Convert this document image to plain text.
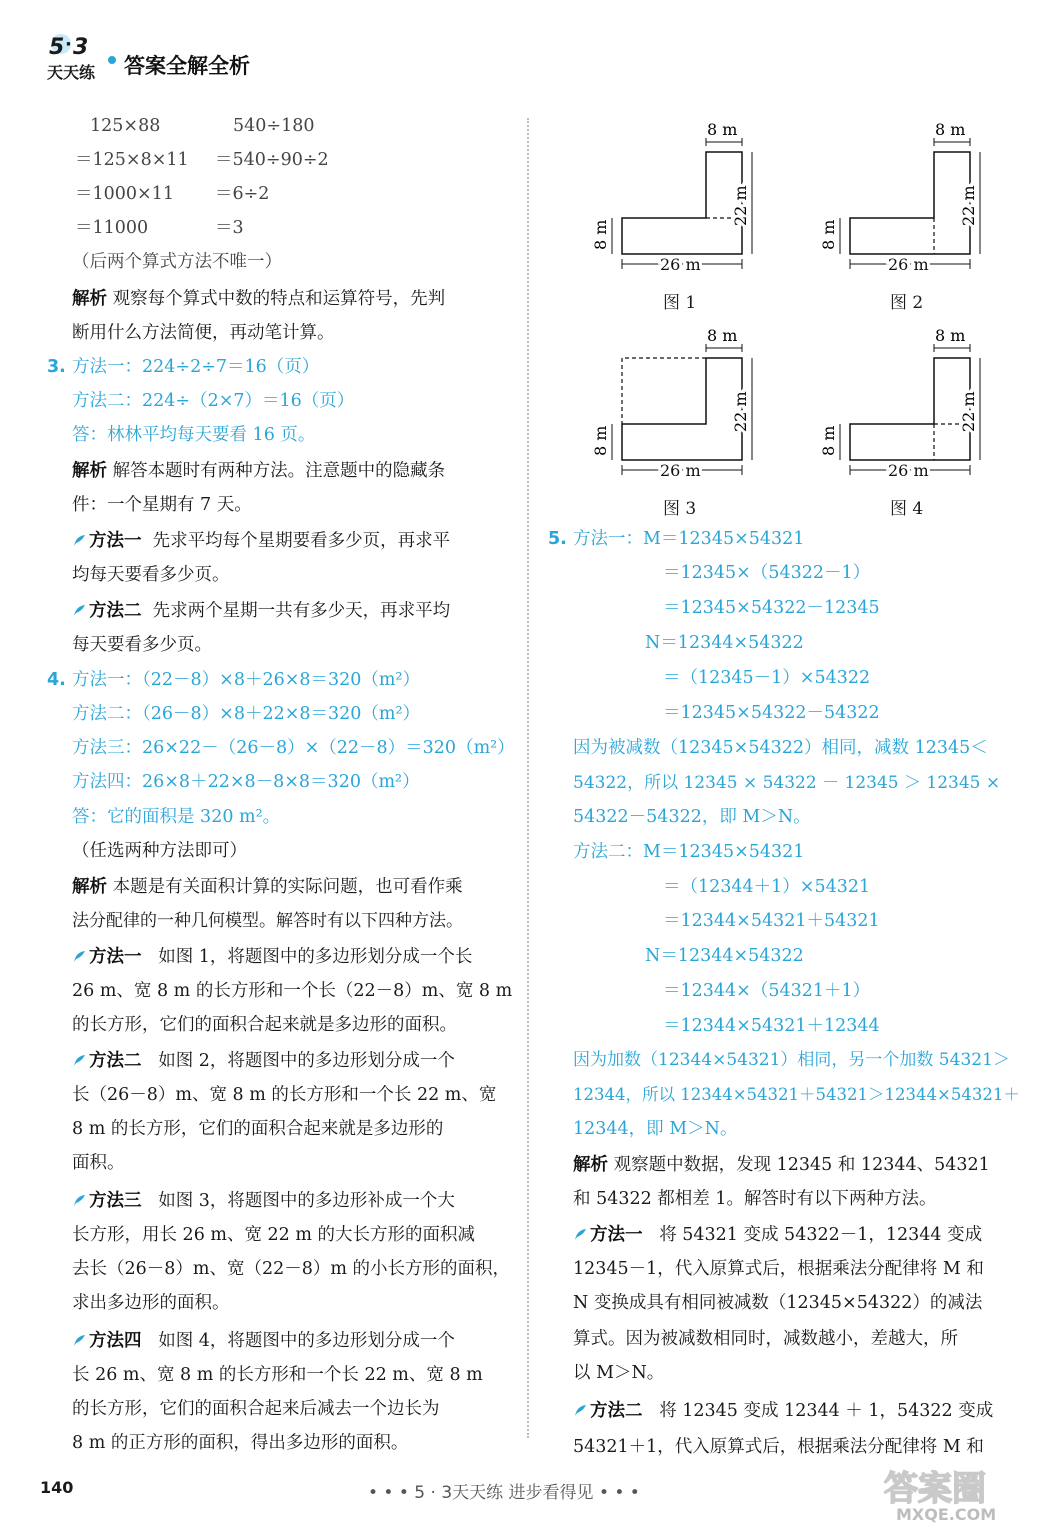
5 · 3
天天练 答案全解全析
125×88
＝125×8×11
＝1000×11
＝11000
540÷180
＝540÷90÷2
＝6÷2
＝3
（后两个算式方法不唯一）
解析 观察每个算式中数的特点和运算符号，先判
断用什么方法简便，再动笔计算。
3. 方法一：224÷2÷7＝16（页）
方法二：224÷（2×7）＝16（页）
答：林林平均每天要看 16 页。
解析 解答本题时有两种方法。注意题中的隐藏条
件：一个星期有 7 天。
方法一 先求平均每个星期要看多少页，再求平
均每天要看多少页。
方法二 先求两个星期一共有多少天，再求平均
每天要看多少页。
4. 方法一：（22－8）×8＋26×8＝320（m²）
方法二：（26－8）×8＋22×8＝320（m²）
方法三：26×22－（26－8）×（22－8）＝320（m²）
方法四：26×8＋22×8－8×8＝320（m²）
答：它的面积是 320 m²。
（任选两种方法即可）
解析 本题是有关面积计算的实际问题，也可看作乘
法分配律的一种几何模型。解答时有以下四种方法。
方法一 如图 1，将题图中的多边形划分成一个长
26 m、宽 8 m 的长方形和一个长（22－8）m、宽 8 m
的长方形，它们的面积合起来就是多边形的面积。
方法二 如图 2，将题图中的多边形划分成一个
长（26－8）m、宽 8 m 的长方形和一个长 22 m、宽
8 m 的长方形，它们的面积合起来就是多边形的
面积。
方法三 如图 3，将题图中的多边形补成一个大
长方形，用长 26 m、宽 22 m 的大长方形的面积减
去长（26－8）m、宽（22－8）m 的小长方形的面积，
求出多边形的面积。
方法四 如图 4，将题图中的多边形划分成一个
长 26 m、宽 8 m 的长方形和一个长 22 m、宽 8 m
的长方形，它们的面积合起来后减去一个边长为
8 m 的正方形的面积，得出多边形的面积。
8 m
26 m
8 m
22 m
图 1
8 m
26 m
8 m
22 m
图 2
8 m
26 m
8 m
22 m
图 3
8 m
26 m
8 m
22 m
图 4
5. 方法一：M＝12345×54321
＝12345×（54322－1）
＝12345×54322－12345
N＝12344×54322
＝（12345－1）×54322
＝12345×54322－54322
因为被减数（12345×54322）相同，减数 12345＜
54322，所以 12345 × 54322 － 12345 ＞ 12345 ×
54322－54322，即 M＞N。
方法二：M＝12345×54321
＝（12344＋1）×54321
＝12344×54321＋54321
N＝12344×54322
＝12344×（54321＋1）
＝12344×54321＋12344
因为加数（12344×54321）相同，另一个加数 54321＞
12344，所以 12344×54321＋54321＞12344×54321＋
12344，即 M＞N。
解析 观察题中数据，发现 12345 和 12344、54321
和 54322 都相差 1。解答时有以下两种方法。
方法一 将 54321 变成 54322－1，12344 变成
12345－1，代入原算式后，根据乘法分配律将 M 和
N 变换成具有相同被减数（12345×54322）的减法
算式。因为被减数相同时，减数越小，差越大，所
以 M＞N。
方法二 将 12345 变成 12344 ＋ 1，54322 变成
54321＋1，代入原算式后，根据乘法分配律将 M 和
140	• • • 5 · 3天天练 进步看得见 • • •	答案圈
MXQE.COM
